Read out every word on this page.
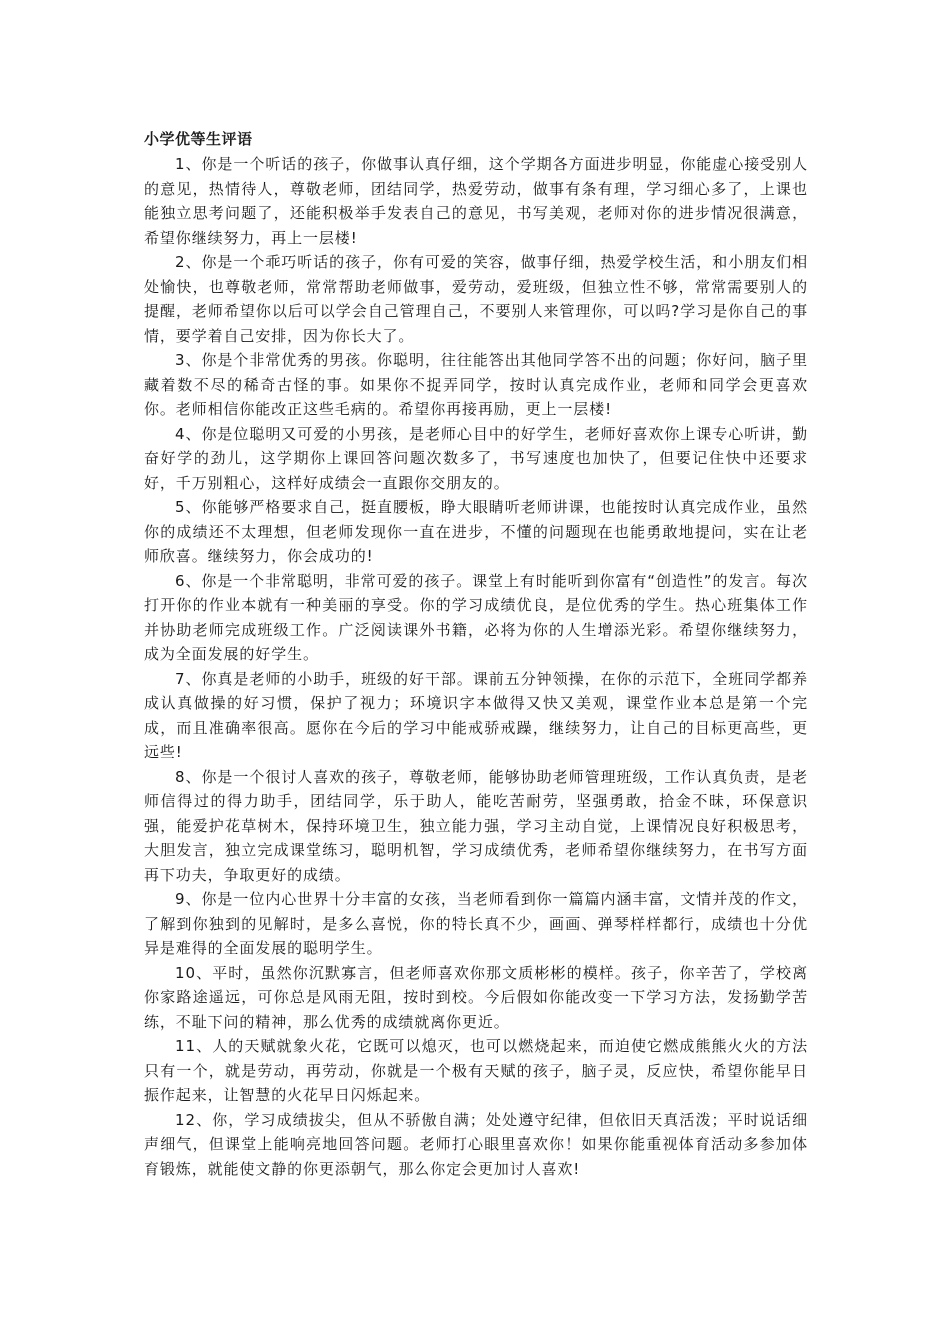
小学优等生评语

1、你是一个听话的孩子，你做事认真仔细，这个学期各方面进步明显，你能虚心接受别人的意见，热情待人，尊敬老师，团结同学，热爱劳动，做事有条有理，学习细心多了，上课也能独立思考问题了，还能积极举手发表自己的意见，书写美观，老师对你的进步情况很满意，希望你继续努力，再上一层楼!

2、你是一个乖巧听话的孩子，你有可爱的笑容，做事仔细，热爱学校生活，和小朋友们相处愉快，也尊敬老师，常常帮助老师做事，爱劳动，爱班级，但独立性不够，常常需要别人的提醒，老师希望你以后可以学会自己管理自己，不要别人来管理你，可以吗?学习是你自己的事情，要学着自己安排，因为你长大了。

3、你是个非常优秀的男孩。你聪明，往往能答出其他同学答不出的问题；你好问，脑子里藏着数不尽的稀奇古怪的事。如果你不捉弄同学，按时认真完成作业，老师和同学会更喜欢你。老师相信你能改正这些毛病的。希望你再接再励，更上一层楼!

4、你是位聪明又可爱的小男孩，是老师心目中的好学生，老师好喜欢你上课专心听讲，勤奋好学的劲儿，这学期你上课回答问题次数多了，书写速度也加快了，但要记住快中还要求好，千万别粗心，这样好成绩会一直跟你交朋友的。

5、你能够严格要求自己，挺直腰板，睁大眼睛听老师讲课，也能按时认真完成作业，虽然你的成绩还不太理想，但老师发现你一直在进步，不懂的问题现在也能勇敢地提问，实在让老师欣喜。继续努力，你会成功的!

6、你是一个非常聪明，非常可爱的孩子。课堂上有时能听到你富有“创造性”的发言。每次打开你的作业本就有一种美丽的享受。你的学习成绩优良，是位优秀的学生。热心班集体工作并协助老师完成班级工作。广泛阅读课外书籍，必将为你的人生增添光彩。希望你继续努力，成为全面发展的好学生。

7、你真是老师的小助手，班级的好干部。课前五分钟领操，在你的示范下，全班同学都养成认真做操的好习惯，保护了视力；环境识字本做得又快又美观，课堂作业本总是第一个完成，而且准确率很高。愿你在今后的学习中能戒骄戒躁，继续努力，让自己的目标更高些，更远些!

8、你是一个很讨人喜欢的孩子，尊敬老师，能够协助老师管理班级，工作认真负责，是老师信得过的得力助手，团结同学，乐于助人，能吃苦耐劳，坚强勇敢，拾金不昧，环保意识强，能爱护花草树木，保持环境卫生，独立能力强，学习主动自觉，上课情况良好积极思考，大胆发言，独立完成课堂练习，聪明机智，学习成绩优秀，老师希望你继续努力，在书写方面再下功夫，争取更好的成绩。

9、你是一位内心世界十分丰富的女孩，当老师看到你一篇篇内涵丰富，文情并茂的作文，了解到你独到的见解时，是多么喜悦，你的特长真不少，画画、弹琴样样都行，成绩也十分优异是难得的全面发展的聪明学生。

10、平时，虽然你沉默寡言，但老师喜欢你那文质彬彬的模样。孩子，你辛苦了，学校离你家路途遥远，可你总是风雨无阻，按时到校。今后假如你能改变一下学习方法，发扬勤学苦练，不耻下问的精神，那么优秀的成绩就离你更近。

11、人的天赋就象火花，它既可以熄灭，也可以燃烧起来，而迫使它燃成熊熊火火的方法只有一个，就是劳动，再劳动，你就是一个极有天赋的孩子，脑子灵，反应快，希望你能早日振作起来，让智慧的火花早日闪烁起来。

12、你，学习成绩拔尖，但从不骄傲自满；处处遵守纪律，但依旧天真活泼；平时说话细声细气，但课堂上能响亮地回答问题。老师打心眼里喜欢你！如果你能重视体育活动多参加体育锻炼，就能使文静的你更添朝气，那么你定会更加讨人喜欢!
